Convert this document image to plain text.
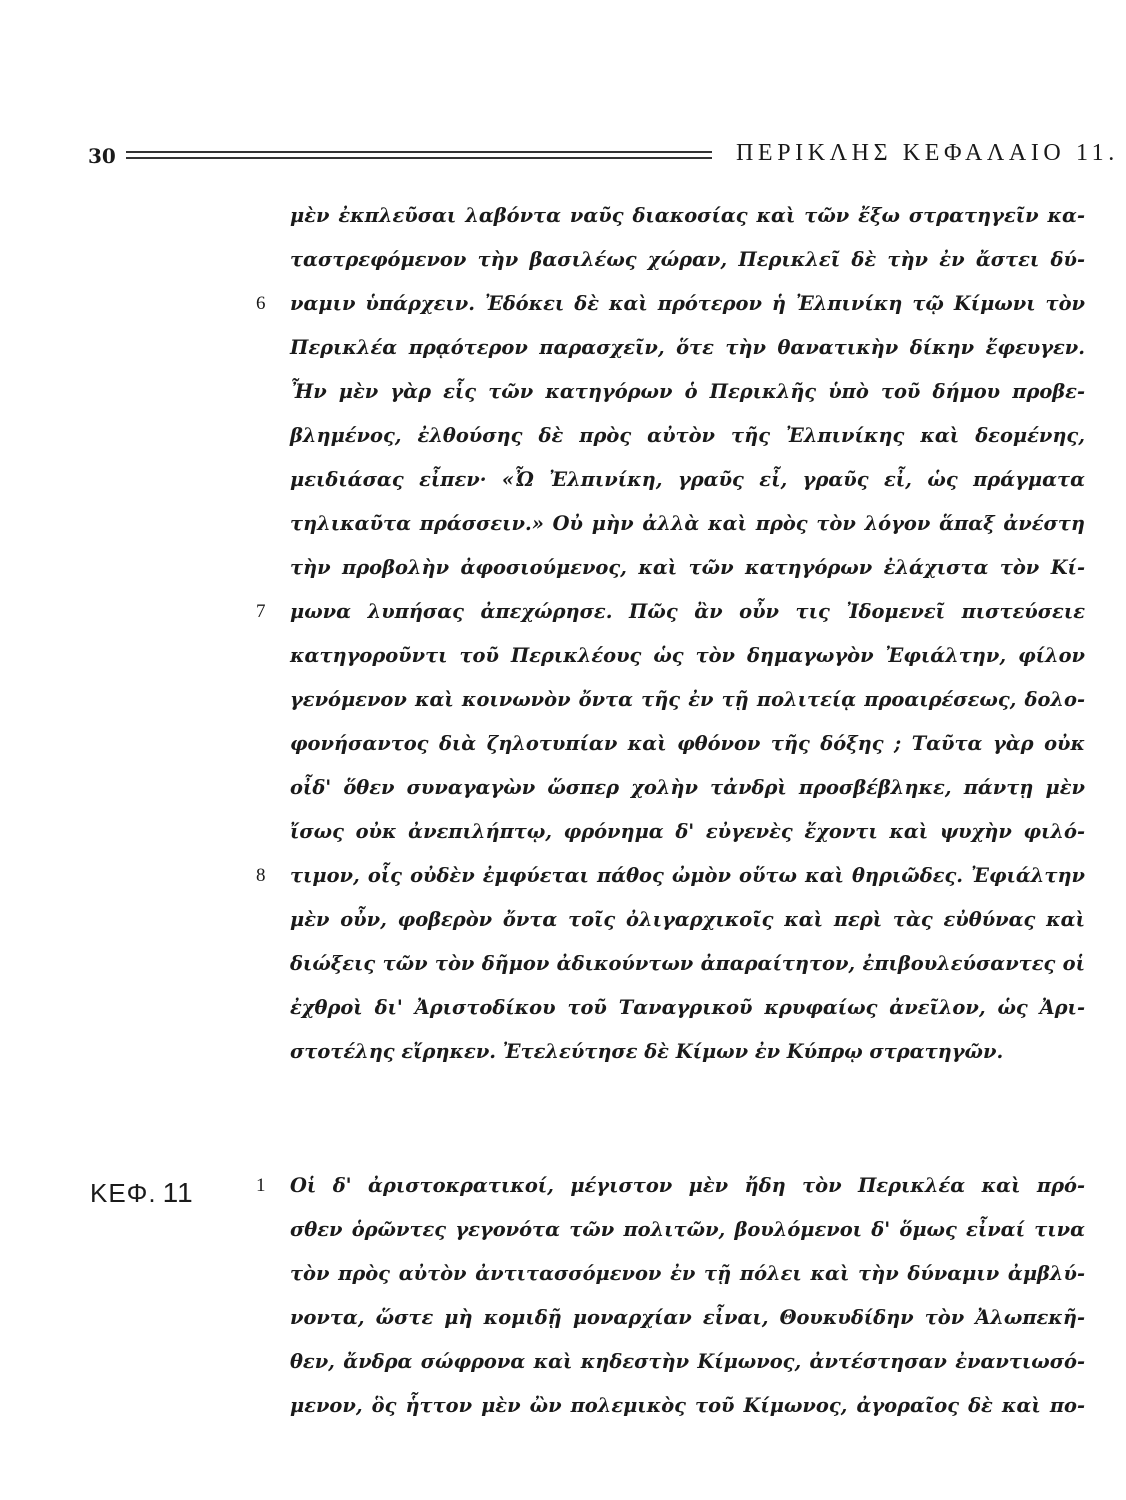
30	ΠΕΡΙΚΛΗΣ ΚΕΦΑΛΑΙΟ 11.
μὲν ἐκπλεῦσαι λαβόντα ναῦς διακοσίας καὶ τῶν ἔξω στρατηγεῖν κα-
ταστρεφόμενον τὴν βασιλέως χώραν, Περικλεῖ δὲ τὴν ἐν ἄστει δύ-
ναμιν ὑπάρχειν. Ἐδόκει δὲ καὶ πρότερον ἡ Ἐλπινίκη τῷ Κίμωνι τὸν
Περικλέα πρᾳότερον παρασχεῖν, ὅτε τὴν θανατικὴν δίκην ἔφευγεν.
Ἦν μὲν γὰρ εἷς τῶν κατηγόρων ὁ Περικλῆς ὑπὸ τοῦ δήμου προβε-
βλημένος, ἐλθούσης δὲ πρὸς αὐτὸν τῆς Ἐλπινίκης καὶ δεομένης,
μειδιάσας εἶπεν· «Ὦ Ἐλπινίκη, γραῦς εἶ, γραῦς εἶ, ὡς πράγματα
τηλικαῦτα πράσσειν.» Οὐ μὴν ἀλλὰ καὶ πρὸς τὸν λόγον ἅπαξ ἀνέστη
τὴν προβολὴν ἀφοσιούμενος, καὶ τῶν κατηγόρων ἐλάχιστα τὸν Κί-
μωνα λυπήσας ἀπεχώρησε. Πῶς ἂν οὖν τις Ἰδομενεῖ πιστεύσειε
κατηγοροῦντι τοῦ Περικλέους ὡς τὸν δημαγωγὸν Ἐφιάλτην, φίλον
γενόμενον καὶ κοινωνὸν ὄντα τῆς ἐν τῇ πολιτείᾳ προαιρέσεως, δολο-
φονήσαντος διὰ ζηλοτυπίαν καὶ φθόνον τῆς δόξης ; Ταῦτα γὰρ οὐκ
οἶδ' ὅθεν συναγαγὼν ὥσπερ χολὴν τἀνδρὶ προσβέβληκε, πάντῃ μὲν
ἴσως οὐκ ἀνεπιλήπτῳ, φρόνημα δ' εὐγενὲς ἔχοντι καὶ ψυχὴν φιλό-
τιμον, οἷς οὐδὲν ἐμφύεται πάθος ὠμὸν οὕτω καὶ θηριῶδες. Ἐφιάλτην
μὲν οὖν, φοβερὸν ὄντα τοῖς ὀλιγαρχικοῖς καὶ περὶ τὰς εὐθύνας καὶ
διώξεις τῶν τὸν δῆμον ἀδικούντων ἀπαραίτητον, ἐπιβουλεύσαντες οἱ
ἐχθροὶ δι' Ἀριστοδίκου τοῦ Ταναγρικοῦ κρυφαίως ἀνεῖλον, ὡς Ἀρι-
στοτέλης εἴρηκεν. Ἐτελεύτησε δὲ Κίμων ἐν Κύπρῳ στρατηγῶν.
Οἱ δ' ἀριστοκρατικοί, μέγιστον μὲν ἤδη τὸν Περικλέα καὶ πρό-
σθεν ὁρῶντες γεγονότα τῶν πολιτῶν, βουλόμενοι δ' ὅμως εἶναί τινα
τὸν πρὸς αὐτὸν ἀντιτασσόμενον ἐν τῇ πόλει καὶ τὴν δύναμιν ἀμβλύ-
νοντα, ὥστε μὴ κομιδῇ μοναρχίαν εἶναι, Θουκυδίδην τὸν Ἀλωπεκῆ-
θεν, ἄνδρα σώφρονα καὶ κηδεστὴν Κίμωνος, ἀντέστησαν ἐναντιωσό-
μενον, ὃς ἧττον μὲν ὢν πολεμικὸς τοῦ Κίμωνος, ἀγοραῖος δὲ καὶ πο-
6
7
8
1
ΚΕΦ. 11
